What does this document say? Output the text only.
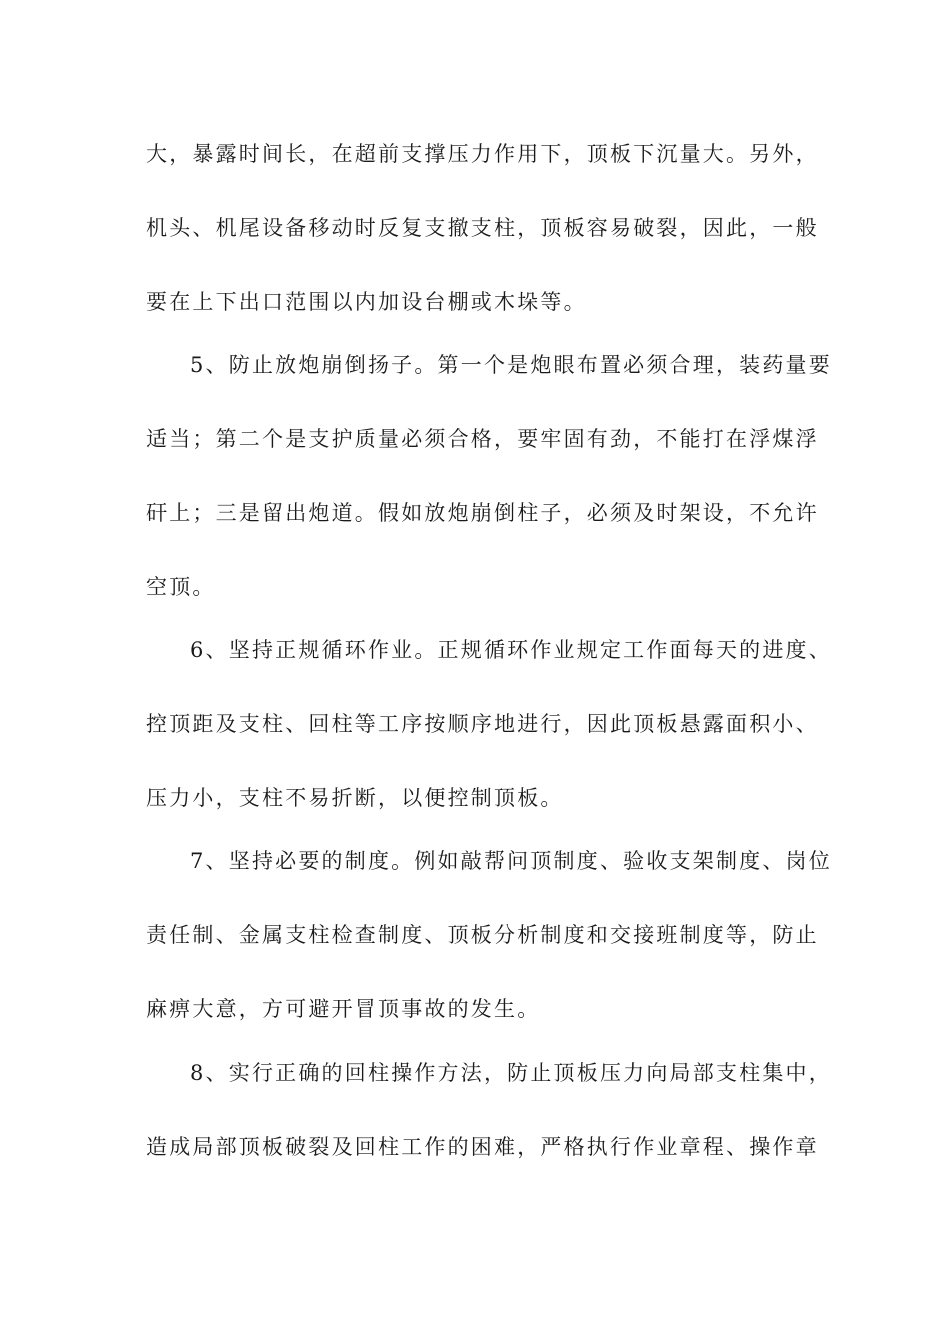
大，暴露时间长，在超前支撑压力作用下，顶板下沉量大。另外，
机头、机尾设备移动时反复支撤支柱，顶板容易破裂，因此，一般
要在上下出口范围以内加设台棚或木垛等。
5、防止放炮崩倒扬子。第一个是炮眼布置必须合理，装药量要
适当；第二个是支护质量必须合格，要牢固有劲，不能打在浮煤浮
矸上；三是留出炮道。假如放炮崩倒柱子，必须及时架设，不允许
空顶。
6、坚持正规循环作业。正规循环作业规定工作面每天的进度、
控顶距及支柱、回柱等工序按顺序地进行，因此顶板悬露面积小、
压力小，支柱不易折断，以便控制顶板。
7、坚持必要的制度。例如敲帮问顶制度、验收支架制度、岗位
责任制、金属支柱检查制度、顶板分析制度和交接班制度等，防止
麻痹大意，方可避开冒顶事故的发生。
8、实行正确的回柱操作方法，防止顶板压力向局部支柱集中，
造成局部顶板破裂及回柱工作的困难，严格执行作业章程、操作章
